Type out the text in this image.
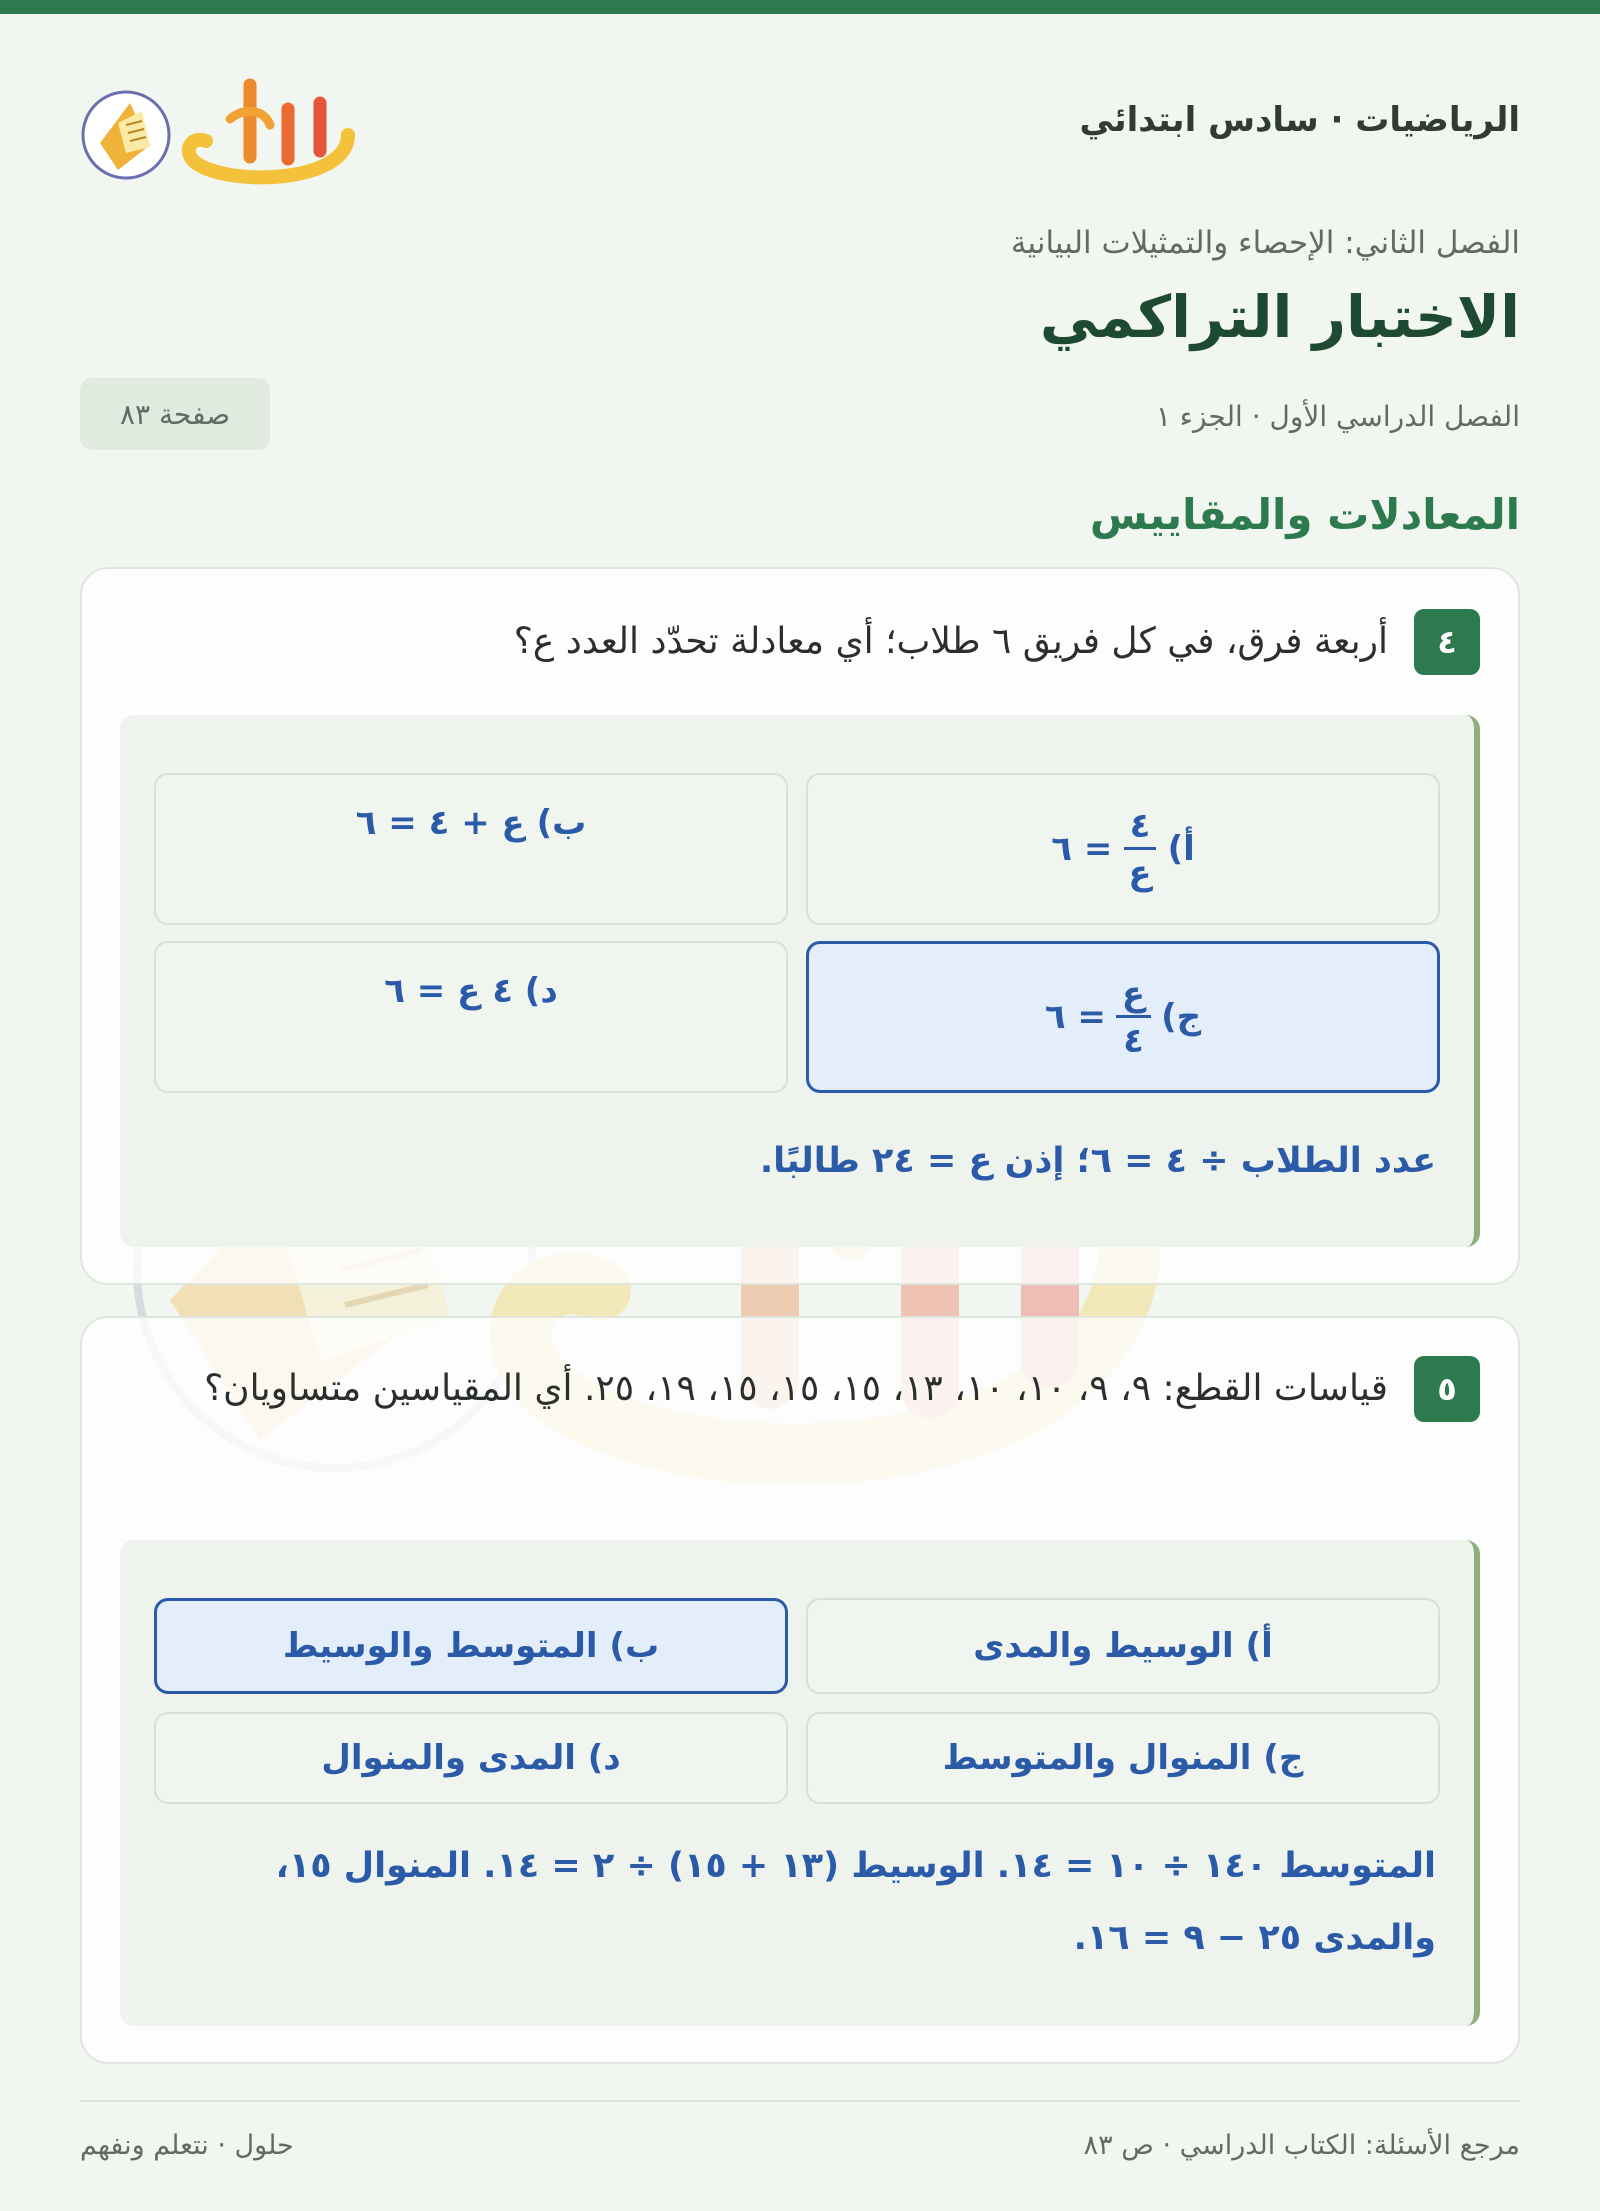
الرياضيات · سادس ابتدائي
الفصل الثاني: الإحصاء والتمثيلات البيانية
الاختبار التراكمي
الفصل الدراسي الأول · الجزء ١
صفحة ٨٣
المعادلات والمقاييس
٤
أربعة فرق، في كل فريق ٦ طلاب؛ أي معادلة تحدّد العدد ع؟
أ)
$\frac{٤}{\text{ع}}$
= ٦
ب) ع + ٤ = ٦
ج)
$\frac{\text{ع}}{٤}$
= ٦
د) ٤ ع = ٦
عدد الطلاب ÷ ٤ = ٦؛ إذن ع = ٢٤ طالبًا.
٥
قياسات القطع: ٩، ٩، ١٠، ١٠، ١٣، ١٥، ١٥، ١٥، ١٩، ٢٥. أي المقياسين متساويان؟
أ) الوسيط والمدى
ب) المتوسط والوسيط
ج) المنوال والمتوسط
د) المدى والمنوال
المتوسط ١٤٠ ÷ ١٠ = ١٤. الوسيط (١٣ + ١٥) ÷ ٢ = ١٤. المنوال ١٥، والمدى ٢٥ − ٩ = ١٦.
مرجع الأسئلة: الكتاب الدراسي · ص ٨٣
حلول · نتعلم ونفهم
